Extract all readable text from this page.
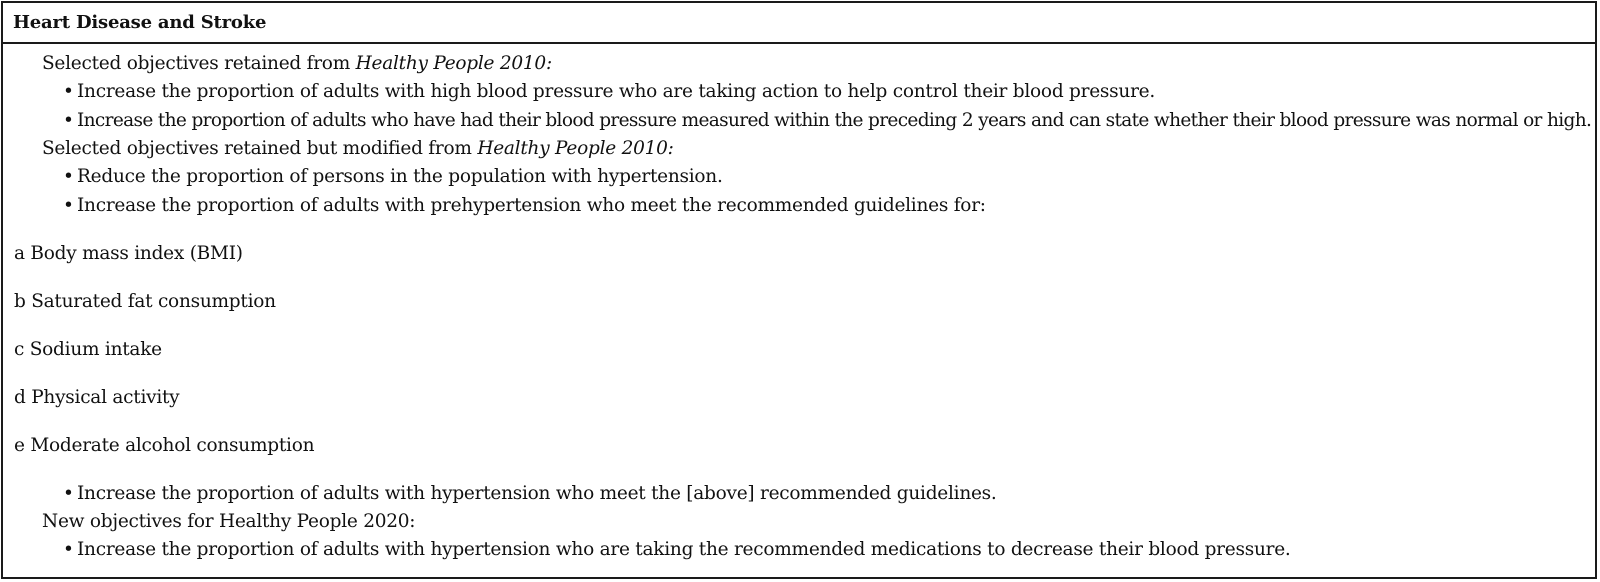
Heart Disease and Stroke
Selected objectives retained from Healthy People 2010:
• Increase the proportion of adults with high blood pressure who are taking action to help control their blood pressure.
• Increase the proportion of adults who have had their blood pressure measured within the preceding 2 years and can state whether their blood pressure was normal or high.
Selected objectives retained but modified from Healthy People 2010:
• Reduce the proportion of persons in the population with hypertension.
• Increase the proportion of adults with prehypertension who meet the recommended guidelines for:
a Body mass index (BMI)
b Saturated fat consumption
c Sodium intake
d Physical activity
e Moderate alcohol consumption
• Increase the proportion of adults with hypertension who meet the [above] recommended guidelines.
New objectives for Healthy People 2020:
• Increase the proportion of adults with hypertension who are taking the recommended medications to decrease their blood pressure.
